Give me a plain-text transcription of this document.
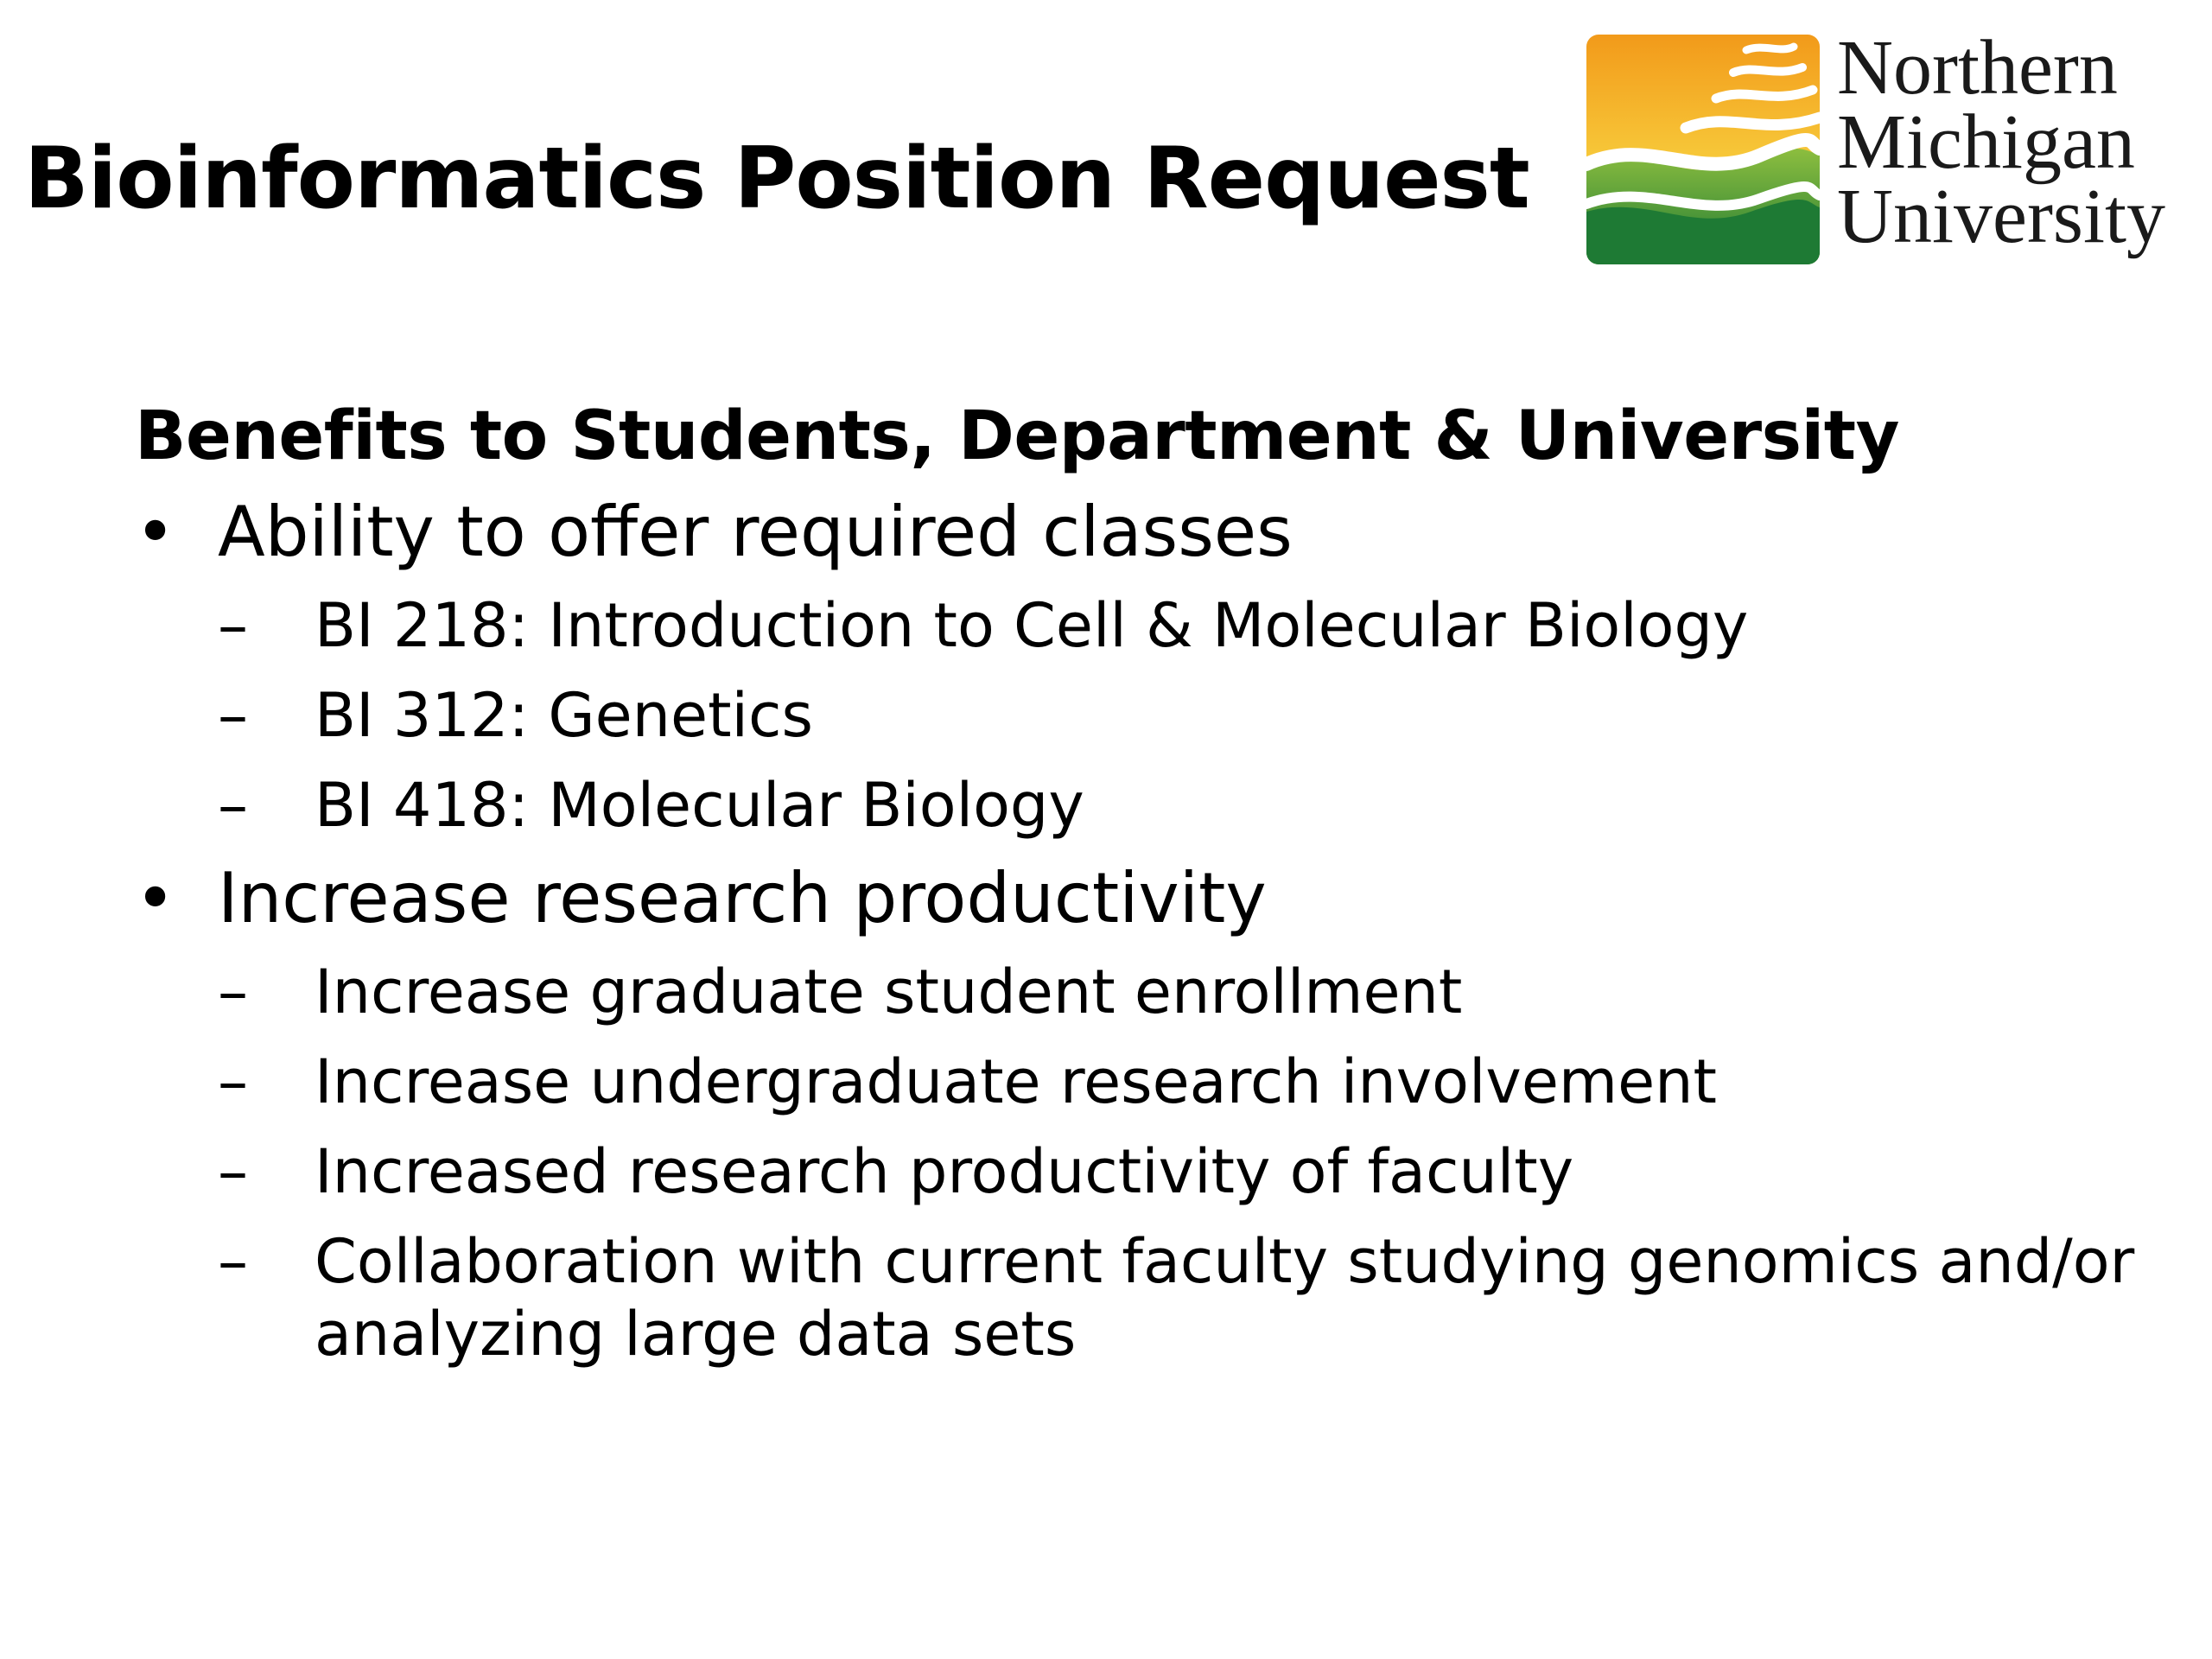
Bioinformatics Position Request
Northern
Michigan
University
Benefits to Students, Department & University
• Ability to offer required classes
– BI 218: Introduction to Cell & Molecular Biology
– BI 312: Genetics
– BI 418: Molecular Biology
• Increase research productivity
– Increase graduate student enrollment
– Increase undergraduate research involvement
– Increased research productivity of faculty
– Collaboration with current faculty studying genomics and/or analyzing large data sets
